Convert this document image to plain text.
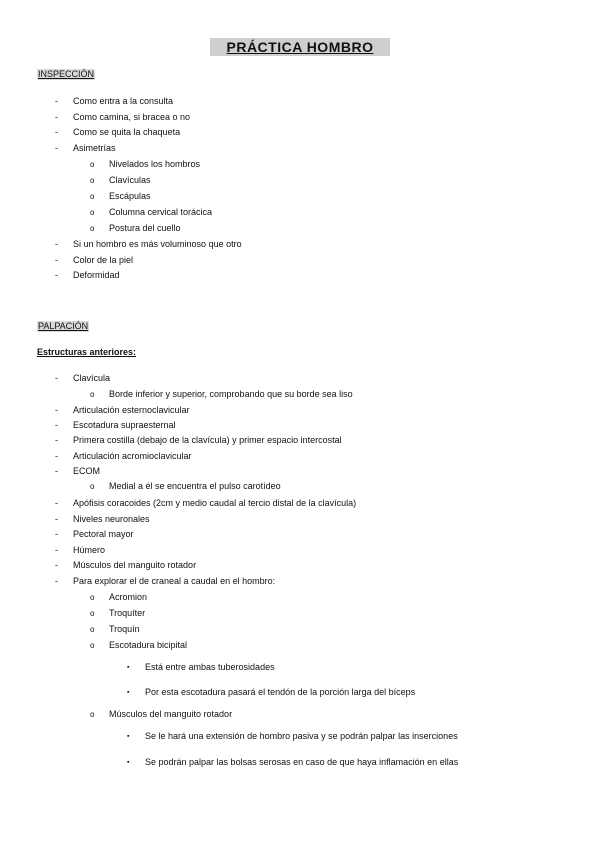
PRÁCTICA HOMBRO
INSPECCIÓN
- Como entra a la consulta
- Como camina, si bracea o no
- Como se quita la chaqueta
- Asimetrías
o Nivelados los hombros
o Clavículas
o Escápulas
o Columna cervical torácica
o Postura del cuello
- Si un hombro es más voluminoso que otro
- Color de la piel
- Deformidad
PALPACIÓN
Estructuras anteriores:
- Clavícula
o Borde inferior y superior, comprobando que su borde sea liso
- Articulación esternoclavicular
- Escotadura supraesternal
- Primera costilla (debajo de la clavícula) y primer espacio intercostal
- Articulación acromioclavicular
- ECOM
o Medial a él se encuentra el pulso carotídeo
- Apófisis coracoides (2cm y medio caudal al tercio distal de la clavícula)
- Niveles neuronales
- Pectoral mayor
- Húmero
- Músculos del manguito rotador
- Para explorar el de craneal a caudal en el hombro:
o Acromion
o Troquíter
o Troquín
o Escotadura bicipital
▪ Está entre ambas tuberosidades
▪ Por esta escotadura pasará el tendón de la porción larga del bíceps
o Músculos del manguito rotador
▪ Se le hará una extensión de hombro pasiva y se podrán palpar las inserciones
▪ Se podrán palpar las bolsas serosas en caso de que haya inflamación en ellas
